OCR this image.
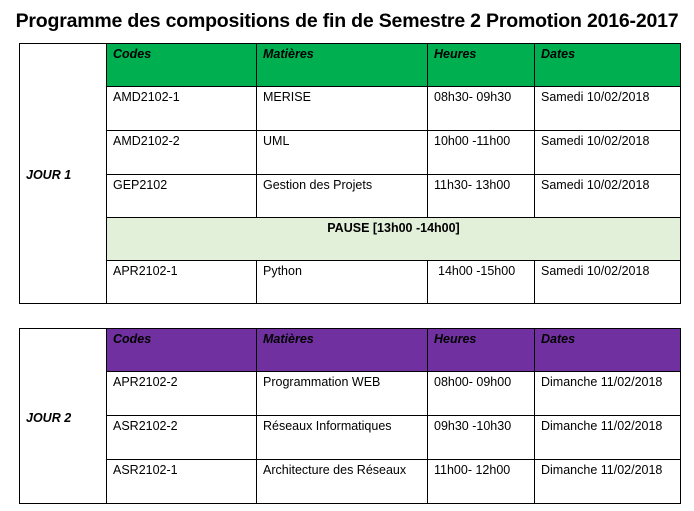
Programme des compositions de fin de Semestre 2 Promotion 2016-2017
JOUR 1	Codes	Matières	Heures	Dates
	AMD2102-1	MERISE	08h30- 09h30	Samedi 10/02/2018
	AMD2102-2	UML	10h00 -11h00	Samedi 10/02/2018
	GEP2102	Gestion des Projets	11h30- 13h00	Samedi 10/02/2018
	PAUSE [13h00 -14h00]			
	APR2102-1	Python	14h00 -15h00	Samedi 10/02/2018
JOUR 2	Codes	Matières	Heures	Dates
	APR2102-2	Programmation WEB	08h00- 09h00	Dimanche 11/02/2018
	ASR2102-2	Réseaux Informatiques	09h30 -10h30	Dimanche 11/02/2018
	ASR2102-1	Architecture des Réseaux	11h00- 12h00	Dimanche 11/02/2018
